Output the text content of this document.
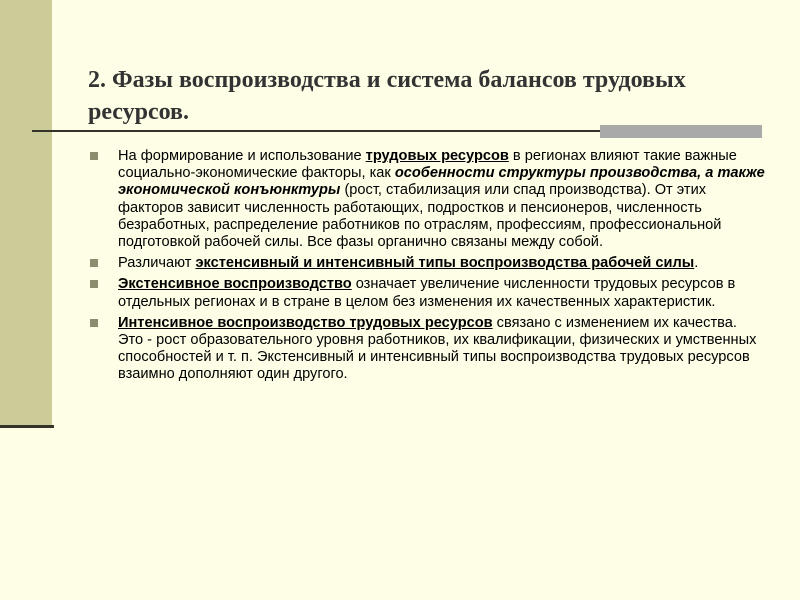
2. Фазы воспроизводства и система балансов трудовых ресурсов.
На формирование и использование трудовых ресурсов в регионах влияют такие важные социально-экономические факторы, как особенности структуры производства, а также экономической конъюнктуры (рост, стабилизация или спад производства). От этих факторов зависит численность работающих, подростков и пенсионеров, численность безработных, распределение работников по отраслям, профессиям, профессиональной подготовкой рабочей силы. Все фазы органично связаны между собой.
Различают экстенсивный и интенсивный типы воспроизводства рабочей силы.
Экстенсивное воспроизводство означает увеличение численности трудовых ресурсов в отдельных регионах и в стране в целом без изменения их качественных характеристик.
Интенсивное воспроизводство трудовых ресурсов связано с изменением их качества. Это - рост образовательного уровня работников, их квалификации, физических и умственных способностей и т. п. Экстенсивный и интенсивный типы воспроизводства трудовых ресурсов взаимно дополняют один другого.
